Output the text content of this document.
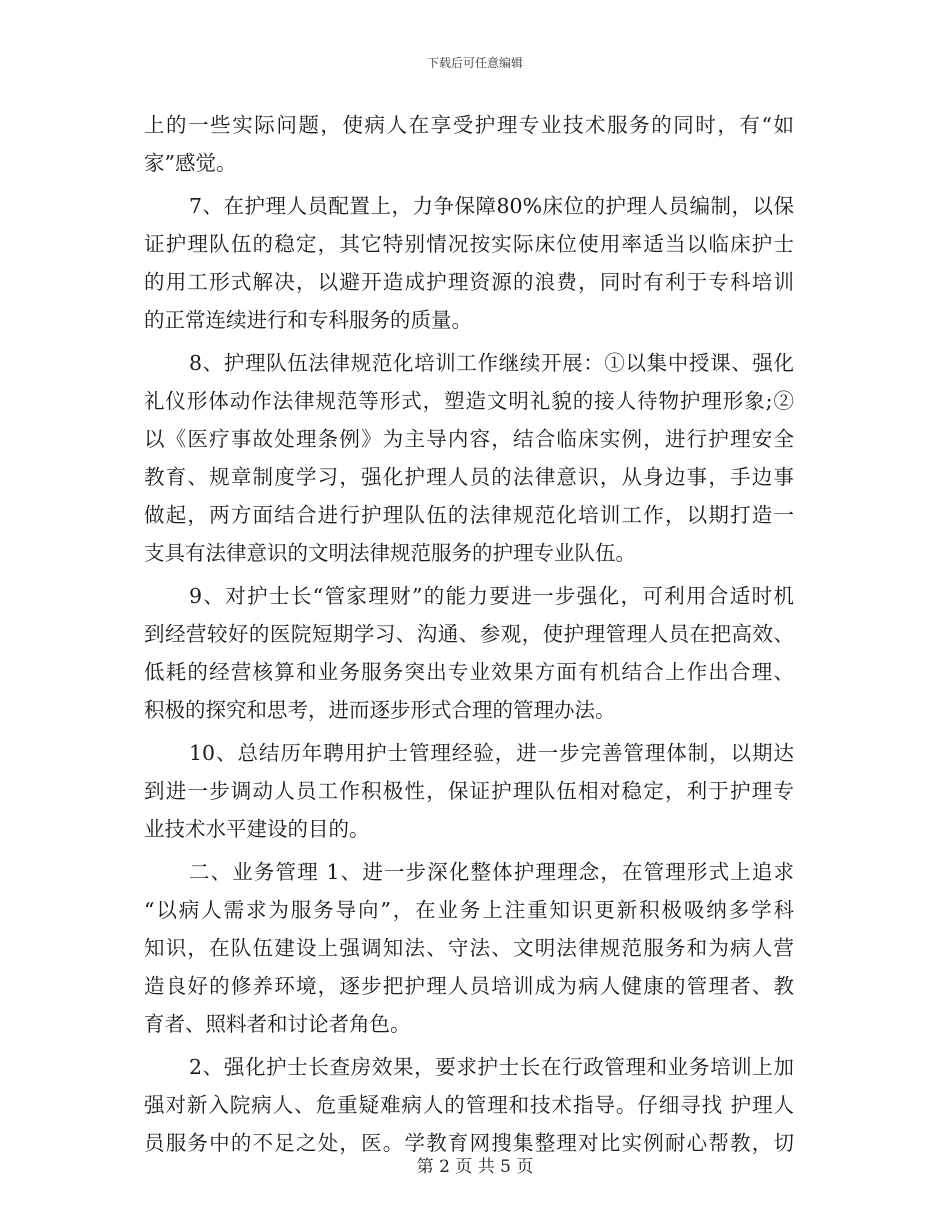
下载后可任意编辑
上的一些实际问题，使病人在享受护理专业技术服务的同时，有“如
家”感觉。
7、在护理人员配置上，力争保障80%床位的护理人员编制，以保
证护理队伍的稳定，其它特别情况按实际床位使用率适当以临床护士
的用工形式解决，以避开造成护理资源的浪费，同时有利于专科培训
的正常连续进行和专科服务的质量。
8、护理队伍法律规范化培训工作继续开展：①以集中授课、强化
礼仪形体动作法律规范等形式，塑造文明礼貌的接人待物护理形象;②
以《医疗事故处理条例》为主导内容，结合临床实例，进行护理安全
教育、规章制度学习，强化护理人员的法律意识，从身边事，手边事
做起，两方面结合进行护理队伍的法律规范化培训工作，以期打造一
支具有法律意识的文明法律规范服务的护理专业队伍。
9、对护士长“管家理财”的能力要进一步强化，可利用合适时机
到经营较好的医院短期学习、沟通、参观，使护理管理人员在把高效、
低耗的经营核算和业务服务突出专业效果方面有机结合上作出合理、
积极的探究和思考，进而逐步形式合理的管理办法。
10、总结历年聘用护士管理经验，进一步完善管理体制，以期达
到进一步调动人员工作积极性，保证护理队伍相对稳定，利于护理专
业技术水平建设的目的。
二、业务管理 1、进一步深化整体护理理念，在管理形式上追求
“以病人需求为服务导向”，在业务上注重知识更新积极吸纳多学科
知识，在队伍建设上强调知法、守法、文明法律规范服务和为病人营
造良好的修养环境，逐步把护理人员培训成为病人健康的管理者、教
育者、照料者和讨论者角色。
2、强化护士长查房效果，要求护士长在行政管理和业务培训上加
强对新入院病人、危重疑难病人的管理和技术指导。仔细寻找 护理人
员服务中的不足之处，医。学教育网搜集整理对比实例耐心帮教，切
第 2 页 共 5 页
